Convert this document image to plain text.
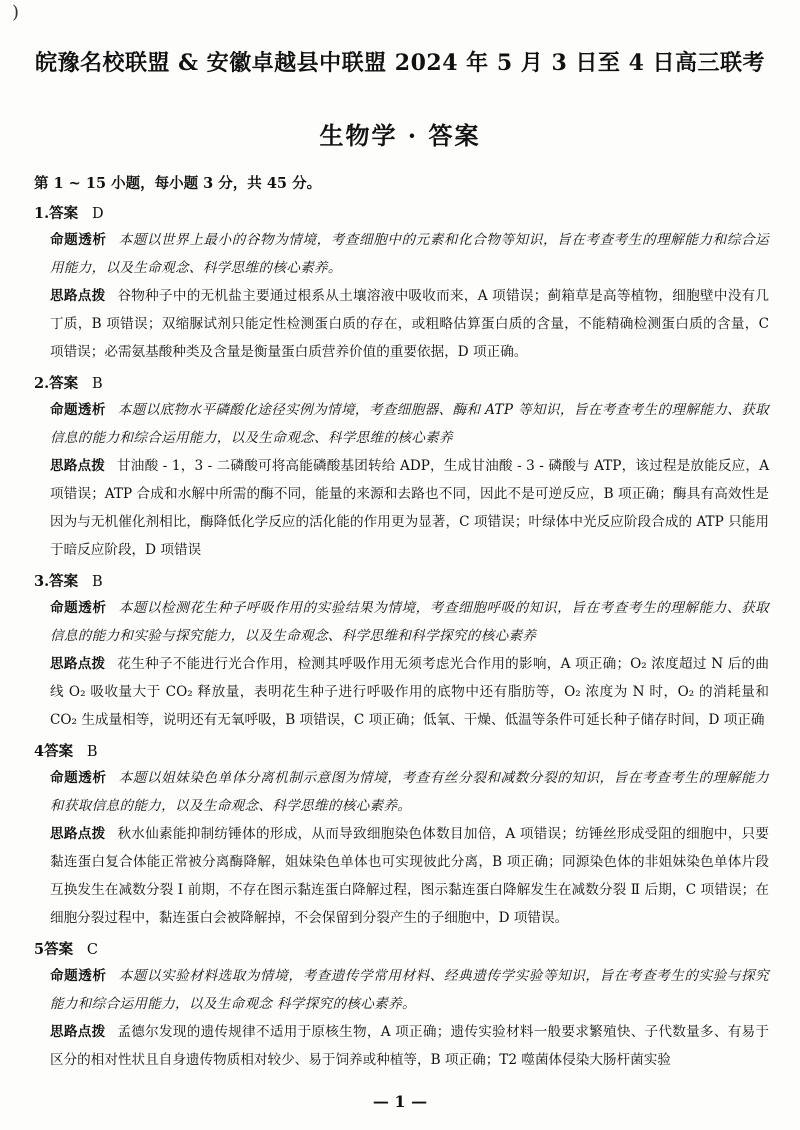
)
皖豫名校联盟 & 安徽卓越县中联盟 2024 年 5 月 3 日至 4 日高三联考
生物学 · 答案
第 1 ~ 15 小题，每小题 3 分，共 45 分。
1.答案 D
命题透析 本题以世界上最小的谷物为情境，考查细胞中的元素和化合物等知识，旨在考查考生的理解能力和综合运用能力，以及生命观念、科学思维的核心素养。
思路点拨 谷物种子中的无机盐主要通过根系从土壤溶液中吸收而来，A 项错误；蓟箱草是高等植物，细胞壁中没有几丁质，B 项错误；双缩脲试剂只能定性检测蛋白质的存在，或粗略估算蛋白质的含量，不能精确检测蛋白质的含量，C 项错误；必需氨基酸种类及含量是衡量蛋白质营养价值的重要依据，D 项正确。
2.答案 B
命题透析 本题以底物水平磷酸化途径实例为情境，考查细胞器、酶和 ATP 等知识，旨在考查考生的理解能力、获取信息的能力和综合运用能力，以及生命观念、科学思维的核心素养
思路点拨 甘油酸 - 1，3 - 二磷酸可将高能磷酸基团转给 ADP，生成甘油酸 - 3 - 磷酸与 ATP，该过程是放能反应，A 项错误；ATP 合成和水解中所需的酶不同，能量的来源和去路也不同，因此不是可逆反应，B 项正确；酶具有高效性是因为与无机催化剂相比，酶降低化学反应的活化能的作用更为显著，C 项错误；叶绿体中光反应阶段合成的 ATP 只能用于暗反应阶段，D 项错误
3.答案 B
命题透析 本题以检测花生种子呼吸作用的实验结果为情境，考查细胞呼吸的知识，旨在考查考生的理解能力、获取信息的能力和实验与探究能力，以及生命观念、科学思维和科学探究的核心素养
思路点拨 花生种子不能进行光合作用，检测其呼吸作用无须考虑光合作用的影响，A 项正确；O₂ 浓度超过 N 后的曲线 O₂ 吸收量大于 CO₂ 释放量，表明花生种子进行呼吸作用的底物中还有脂肪等，O₂ 浓度为 N 时，O₂ 的消耗量和 CO₂ 生成量相等，说明还有无氧呼吸，B 项错误，C 项正确；低氧、干燥、低温等条件可延长种子储存时间，D 项正确
4答案 B
命题透析 本题以姐妹染色单体分离机制示意图为情境，考查有丝分裂和减数分裂的知识，旨在考查考生的理解能力和获取信息的能力，以及生命观念、科学思维的核心素养。
思路点拨 秋水仙素能抑制纺锤体的形成，从而导致细胞染色体数目加倍，A 项错误；纺锤丝形成受阻的细胞中，只要黏连蛋白复合体能正常被分离酶降解，姐妹染色单体也可实现彼此分离，B 项正确；同源染色体的非姐妹染色单体片段互换发生在减数分裂 Ⅰ 前期，不存在图示黏连蛋白降解过程，图示黏连蛋白降解发生在减数分裂 Ⅱ 后期，C 项错误；在细胞分裂过程中，黏连蛋白会被降解掉，不会保留到分裂产生的子细胞中，D 项错误。
5答案 C
命题透析 本题以实验材料选取为情境，考查遗传学常用材料、经典遗传学实验等知识，旨在考查考生的实验与探究能力和综合运用能力，以及生命观念 科学探究的核心素养。
思路点拨 孟德尔发现的遗传规律不适用于原核生物，A 项正确；遗传实验材料一般要求繁殖快、子代数量多、有易于区分的相对性状且自身遗传物质相对较少、易于饲养或种植等，B 项正确；T2 噬菌体侵染大肠杆菌实验
— 1 —
